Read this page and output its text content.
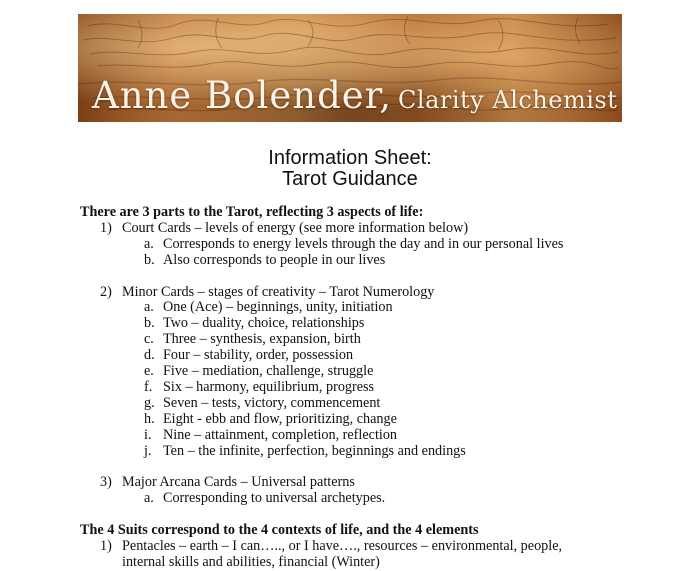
Anne Bolender, Clarity Alchemist
Information Sheet:
Tarot Guidance

There are 3 parts to the Tarot, reflecting 3 aspects of life:

1) Court Cards – levels of energy (see more information below)
a. Corresponds to energy levels through the day and in our personal lives
b. Also corresponds to people in our lives
2) Minor Cards – stages of creativity – Tarot Numerology
a. One (Ace) – beginnings, unity, initiation
b. Two – duality, choice, relationships
c. Three – synthesis, expansion, birth
d. Four – stability, order, possession
e. Five – mediation, challenge, struggle
f. Six – harmony, equilibrium, progress
g. Seven – tests, victory, commencement
h. Eight - ebb and flow, prioritizing, change
i. Nine – attainment, completion, reflection
j. Ten – the infinite, perfection, beginnings and endings
3) Major Arcana Cards – Universal patterns
a. Corresponding to universal archetypes.

The 4 Suits correspond to the 4 contexts of life, and the 4 elements

1) Pentacles – earth – I can….., or I have…., resources – environmental, people,
internal skills and abilities, financial (Winter)
